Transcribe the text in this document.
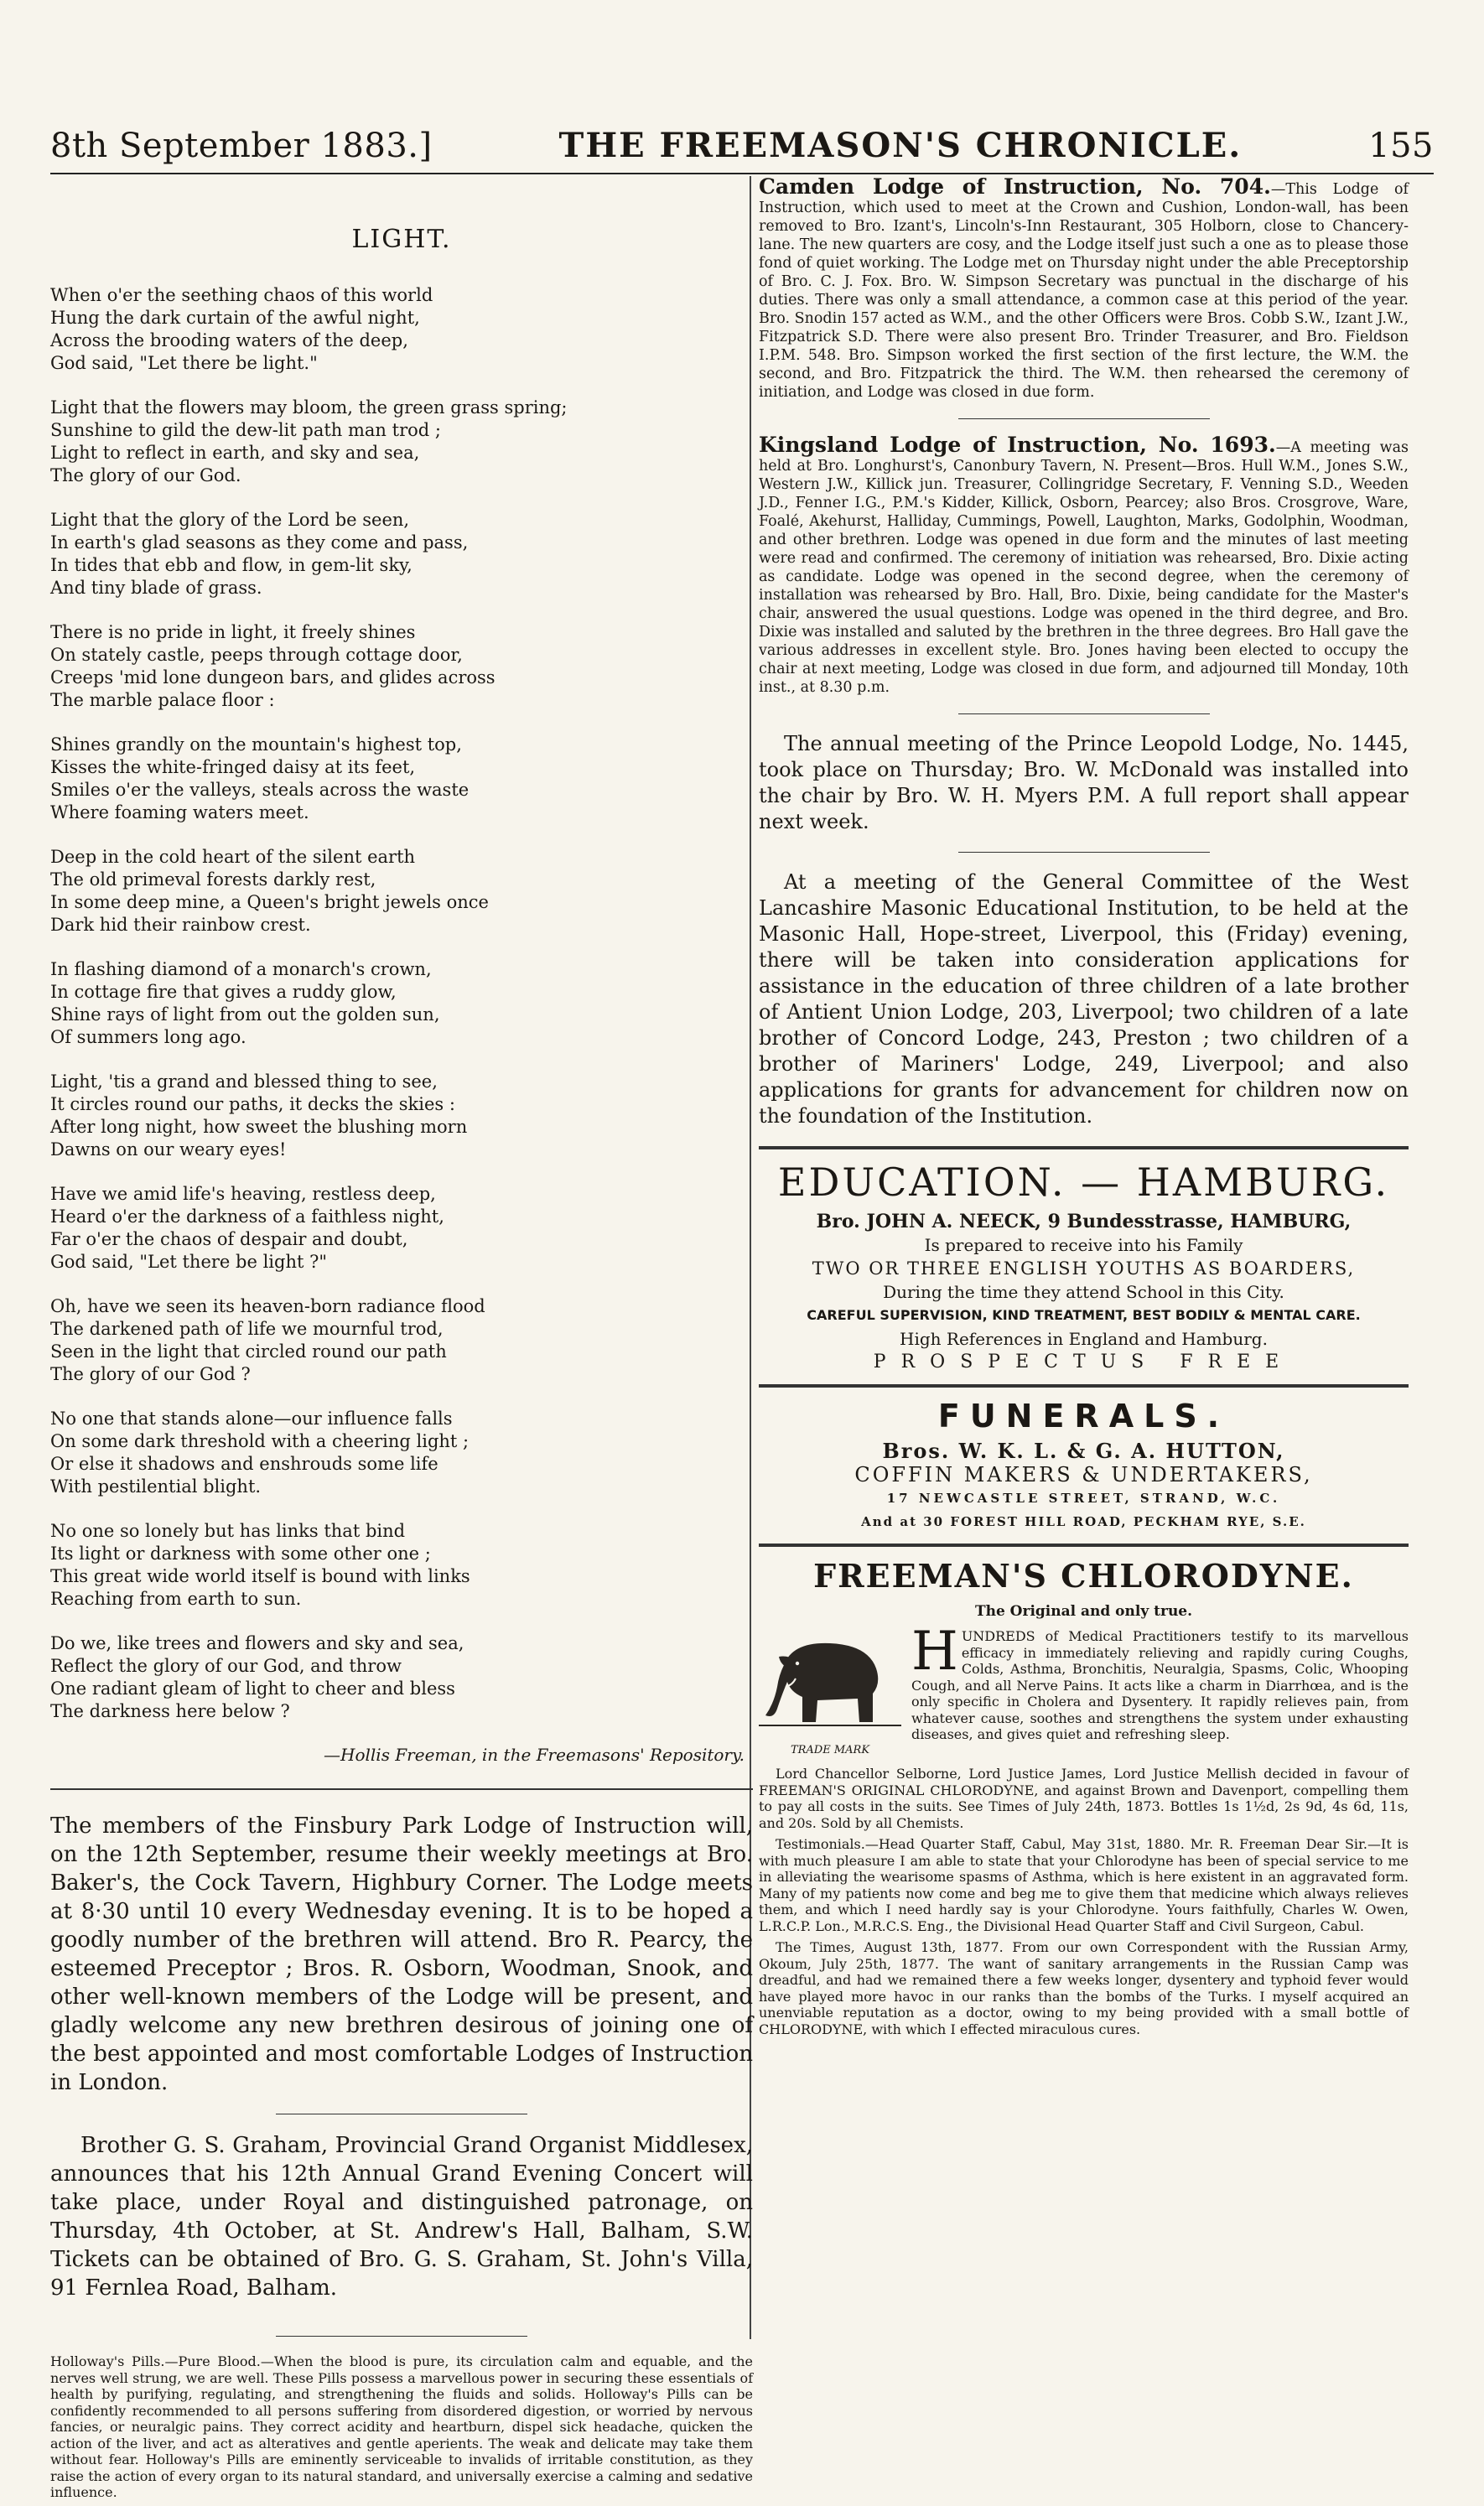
8th September 1883.]	THE FREEMASON'S CHRONICLE.	155
LIGHT.
When o'er the seething chaos of this world
Hung the dark curtain of the awful night,
Across the brooding waters of the deep,
God said, "Let there be light."
Light that the flowers may bloom, the green grass spring;
Sunshine to gild the dew-lit path man trod ;
Light to reflect in earth, and sky and sea,
The glory of our God.
Light that the glory of the Lord be seen,
In earth's glad seasons as they come and pass,
In tides that ebb and flow, in gem-lit sky,
And tiny blade of grass.
There is no pride in light, it freely shines
On stately castle, peeps through cottage door,
Creeps 'mid lone dungeon bars, and glides across
The marble palace floor :
Shines grandly on the mountain's highest top,
Kisses the white-fringed daisy at its feet,
Smiles o'er the valleys, steals across the waste
Where foaming waters meet.
Deep in the cold heart of the silent earth
The old primeval forests darkly rest,
In some deep mine, a Queen's bright jewels once
Dark hid their rainbow crest.
In flashing diamond of a monarch's crown,
In cottage fire that gives a ruddy glow,
Shine rays of light from out the golden sun,
Of summers long ago.
Light, 'tis a grand and blessed thing to see,
It circles round our paths, it decks the skies :
After long night, how sweet the blushing morn
Dawns on our weary eyes!
Have we amid life's heaving, restless deep,
Heard o'er the darkness of a faithless night,
Far o'er the chaos of despair and doubt,
God said, "Let there be light ?"
Oh, have we seen its heaven-born radiance flood
The darkened path of life we mournful trod,
Seen in the light that circled round our path
The glory of our God ?
No one that stands alone—our influence falls
On some dark threshold with a cheering light ;
Or else it shadows and enshrouds some life
With pestilential blight.
No one so lonely but has links that bind
Its light or darkness with some other one ;
This great wide world itself is bound with links
Reaching from earth to sun.
Do we, like trees and flowers and sky and sea,
Reflect the glory of our God, and throw
One radiant gleam of light to cheer and bless
The darkness here below ?
—Hollis Freeman, in the Freemasons' Repository.

The members of the Finsbury Park Lodge of Instruction will, on the 12th September, resume their weekly meetings at Bro. Baker's, the Cock Tavern, Highbury Corner. The Lodge meets at 8·30 until 10 every Wednesday evening. It is to be hoped a goodly number of the brethren will attend. Bro R. Pearcy, the esteemed Preceptor ; Bros. R. Osborn, Woodman, Snook, and other well-known members of the Lodge will be present, and gladly welcome any new brethren desirous of joining one of the best appointed and most comfortable Lodges of Instruction in London.

Brother G. S. Graham, Provincial Grand Organist Middlesex, announces that his 12th Annual Grand Evening Concert will take place, under Royal and distinguished patronage, on Thursday, 4th October, at St. Andrew's Hall, Balham, S.W. Tickets can be obtained of Bro. G. S. Graham, St. John's Villa, 91 Fernlea Road, Balham.

Holloway's Pills.—Pure Blood.—When the blood is pure, its circulation calm and equable, and the nerves well strung, we are well. These Pills possess a marvellous power in securing these essentials of health by purifying, regulating, and strengthening the fluids and solids. Holloway's Pills can be confidently recommended to all persons suffering from disordered digestion, or worried by nervous fancies, or neuralgic pains. They correct acidity and heartburn, dispel sick headache, quicken the action of the liver, and act as alteratives and gentle aperients. The weak and delicate may take them without fear. Holloway's Pills are eminently serviceable to invalids of irritable constitution, as they raise the action of every organ to its natural standard, and universally exercise a calming and sedative influence.

Camden Lodge of Instruction, No. 704.—This Lodge of Instruction, which used to meet at the Crown and Cushion, London-wall, has been removed to Bro. Izant's, Lincoln's-Inn Restaurant, 305 Holborn, close to Chancery-lane. The new quarters are cosy, and the Lodge itself just such a one as to please those fond of quiet working. The Lodge met on Thursday night under the able Preceptorship of Bro. C. J. Fox. Bro. W. Simpson Secretary was punctual in the discharge of his duties. There was only a small attendance, a common case at this period of the year. Bro. Snodin 157 acted as W.M., and the other Officers were Bros. Cobb S.W., Izant J.W., Fitzpatrick S.D. There were also present Bro. Trinder Treasurer, and Bro. Fieldson I.P.M. 548. Bro. Simpson worked the first section of the first lecture, the W.M. the second, and Bro. Fitzpatrick the third. The W.M. then rehearsed the ceremony of initiation, and Lodge was closed in due form.

Kingsland Lodge of Instruction, No. 1693.—A meeting was held at Bro. Longhurst's, Canonbury Tavern, N. Present—Bros. Hull W.M., Jones S.W., Western J.W., Killick jun. Treasurer, Collingridge Secretary, F. Venning S.D., Weeden J.D., Fenner I.G., P.M.'s Kidder, Killick, Osborn, Pearcey; also Bros. Crosgrove, Ware, Foalé, Akehurst, Halliday, Cummings, Powell, Laughton, Marks, Godolphin, Woodman, and other brethren. Lodge was opened in due form and the minutes of last meeting were read and confirmed. The ceremony of initiation was rehearsed, Bro. Dixie acting as candidate. Lodge was opened in the second degree, when the ceremony of installation was rehearsed by Bro. Hall, Bro. Dixie, being candidate for the Master's chair, answered the usual questions. Lodge was opened in the third degree, and Bro. Dixie was installed and saluted by the brethren in the three degrees. Bro Hall gave the various addresses in excellent style. Bro. Jones having been elected to occupy the chair at next meeting, Lodge was closed in due form, and adjourned till Monday, 10th inst., at 8.30 p.m.

The annual meeting of the Prince Leopold Lodge, No. 1445, took place on Thursday; Bro. W. McDonald was installed into the chair by Bro. W. H. Myers P.M. A full report shall appear next week.

At a meeting of the General Committee of the West Lancashire Masonic Educational Institution, to be held at the Masonic Hall, Hope-street, Liverpool, this (Friday) evening, there will be taken into consideration applications for assistance in the education of three children of a late brother of Antient Union Lodge, 203, Liverpool; two children of a late brother of Concord Lodge, 243, Preston ; two children of a brother of Mariners' Lodge, 249, Liverpool; and also applications for grants for advancement for children now on the foundation of the Institution.

EDUCATION. — HAMBURG.
Bro. JOHN A. NEECK, 9 Bundesstrasse, HAMBURG,
Is prepared to receive into his Family
TWO OR THREE ENGLISH YOUTHS AS BOARDERS,
During the time they attend School in this City.
CAREFUL SUPERVISION, KIND TREATMENT, BEST BODILY & MENTAL CARE.
High References in England and Hamburg.
PROSPECTUS FREE
FUNERALS.
Bros. W. K. L. & G. A. HUTTON,
COFFIN MAKERS & UNDERTAKERS,
17 NEWCASTLE STREET, STRAND, W.C.
And at 30 FOREST HILL ROAD, PECKHAM RYE, S.E.
FREEMAN'S CHLORODYNE.
The Original and only true.
TRADE MARK

HUNDREDS of Medical Practitioners testify to its marvellous efficacy in immediately relieving and rapidly curing Coughs, Colds, Asthma, Bronchitis, Neuralgia, Spasms, Colic, Whooping Cough, and all Nerve Pains. It acts like a charm in Diarrhœa, and is the only specific in Cholera and Dysentery. It rapidly relieves pain, from whatever cause, soothes and strengthens the system under exhausting diseases, and gives quiet and refreshing sleep.

Lord Chancellor Selborne, Lord Justice James, Lord Justice Mellish decided in favour of FREEMAN'S ORIGINAL CHLORODYNE, and against Brown and Davenport, compelling them to pay all costs in the suits. See Times of July 24th, 1873. Bottles 1s 1½d, 2s 9d, 4s 6d, 11s, and 20s. Sold by all Chemists.

Testimonials.—Head Quarter Staff, Cabul, May 31st, 1880. Mr. R. Freeman Dear Sir.—It is with much pleasure I am able to state that your Chlorodyne has been of special service to me in alleviating the wearisome spasms of Asthma, which is here existent in an aggravated form. Many of my patients now come and beg me to give them that medicine which always relieves them, and which I need hardly say is your Chlorodyne. Yours faithfully, Charles W. Owen, L.R.C.P. Lon., M.R.C.S. Eng., the Divisional Head Quarter Staff and Civil Surgeon, Cabul.

The Times, August 13th, 1877. From our own Correspondent with the Russian Army, Okoum, July 25th, 1877. The want of sanitary arrangements in the Russian Camp was dreadful, and had we remained there a few weeks longer, dysentery and typhoid fever would have played more havoc in our ranks than the bombs of the Turks. I myself acquired an unenviable reputation as a doctor, owing to my being provided with a small bottle of CHLORODYNE, with which I effected miraculous cures.
